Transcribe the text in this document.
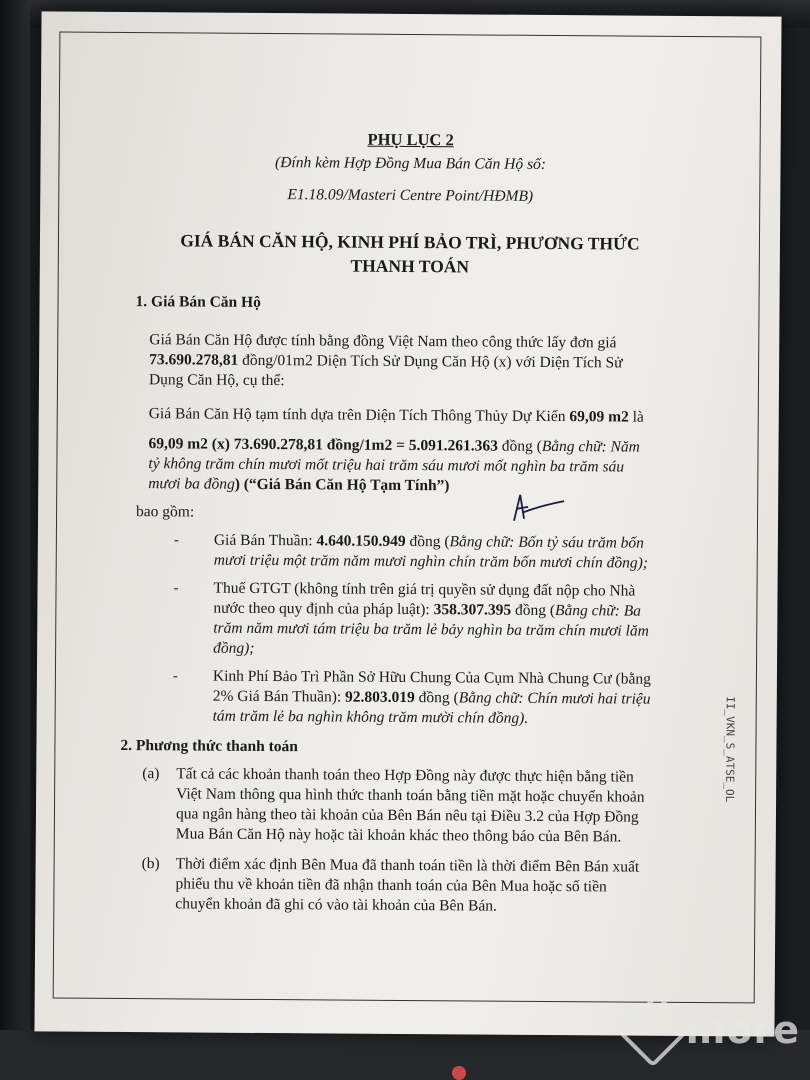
PHỤ LỤC 2
(Đính kèm Hợp Đồng Mua Bán Căn Hộ số:
E1.18.09/Masteri Centre Point/HĐMB)
GIÁ BÁN CĂN HỘ, KINH PHÍ BẢO TRÌ, PHƯƠNG THỨC
THANH TOÁN
1. Giá Bán Căn Hộ
Giá Bán Căn Hộ được tính bằng đồng Việt Nam theo công thức lấy đơn giá
73.690.278,81 đồng/01m2 Diện Tích Sử Dụng Căn Hộ (x) với Diện Tích Sử
Dụng Căn Hộ, cụ thể:
Giá Bán Căn Hộ tạm tính dựa trên Diện Tích Thông Thủy Dự Kiến 69,09 m2 là
69,09 m2 (x) 73.690.278,81 đồng/1m2 = 5.091.261.363 đồng (Bằng chữ: Năm
tỷ không trăm chín mươi mốt triệu hai trăm sáu mươi mốt nghìn ba trăm sáu
mươi ba đồng) (“Giá Bán Căn Hộ Tạm Tính”)
bao gồm:
- Giá Bán Thuần: 4.640.150.949 đồng (Bằng chữ: Bốn tỷ sáu trăm bốn
mươi triệu một trăm năm mươi nghìn chín trăm bốn mươi chín đồng);
- Thuế GTGT (không tính trên giá trị quyền sử dụng đất nộp cho Nhà
nước theo quy định của pháp luật): 358.307.395 đồng (Bằng chữ: Ba
trăm năm mươi tám triệu ba trăm lẻ bảy nghìn ba trăm chín mươi lăm
đồng);
- Kinh Phí Bảo Trì Phần Sở Hữu Chung Của Cụm Nhà Chung Cư (bằng
2% Giá Bán Thuần): 92.803.019 đồng (Bằng chữ: Chín mươi hai triệu
tám trăm lẻ ba nghìn không trăm mười chín đồng).
2. Phương thức thanh toán
(a) Tất cả các khoản thanh toán theo Hợp Đồng này được thực hiện bằng tiền
Việt Nam thông qua hình thức thanh toán bằng tiền mặt hoặc chuyển khoản
qua ngân hàng theo tài khoản của Bên Bán nêu tại Điều 3.2 của Hợp Đồng
Mua Bán Căn Hộ này hoặc tài khoản khác theo thông báo của Bên Bán.
(b) Thời điểm xác định Bên Mua đã thanh toán tiền là thời điểm Bên Bán xuất
phiếu thu về khoản tiền đã nhận thanh toán của Bên Mua hoặc số tiền
chuyển khoản đã ghi có vào tài khoản của Bên Bán.
II_VKN_S_ATSE_OL
more
